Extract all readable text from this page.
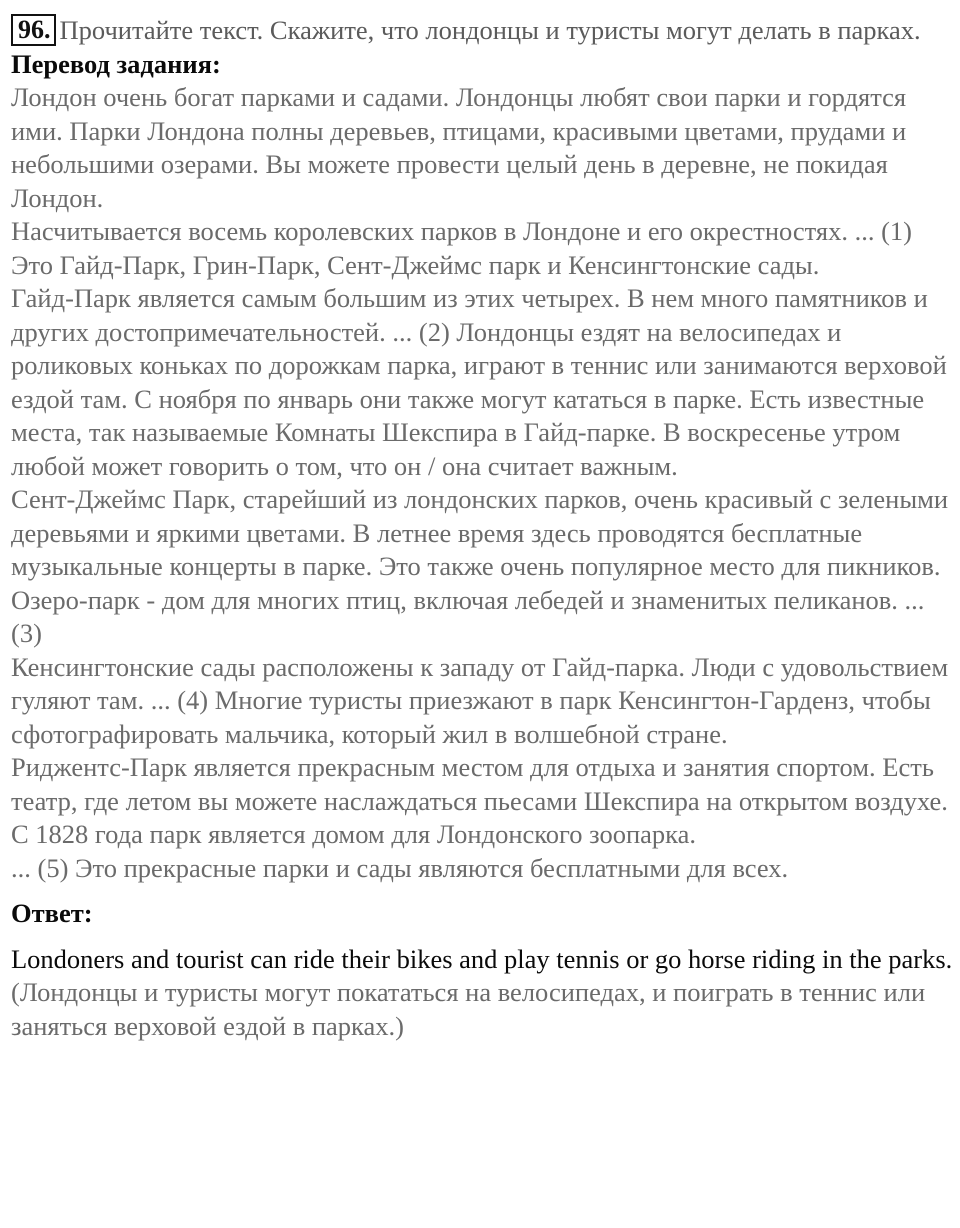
96. Прочитайте текст. Скажите, что лондонцы и туристы могут делать в парках.
Перевод задания:

Лондон очень богат парками и садами. Лондонцы любят свои парки и гордятся ими. Парки Лондона полны деревьев, птицами, красивыми цветами, прудами и небольшими озерами. Вы можете провести целый день в деревне, не покидая Лондон.

Насчитывается восемь королевских парков в Лондоне и его окрестностях. ... (1) Это Гайд-Парк, Грин-Парк, Сент-Джеймс парк и Кенсингтонские сады.

Гайд-Парк является самым большим из этих четырех. В нем много памятников и других достопримечательностей. ... (2) Лондонцы ездят на велосипедах и роликовых коньках по дорожкам парка, играют в теннис или занимаются верховой ездой там. С ноября по январь они также могут кататься в парке. Есть известные места, так называемые Комнаты Шекспира в Гайд-парке. В воскресенье утром любой может говорить о том, что он / она считает важным.

Сент-Джеймс Парк, старейший из лондонских парков, очень красивый с зелеными деревьями и яркими цветами. В летнее время здесь проводятся бесплатные музыкальные концерты в парке. Это также очень популярное место для пикников. Озеро-парк - дом для многих птиц, включая лебедей и знаменитых пеликанов. ... (3)

Кенсингтонские сады расположены к западу от Гайд-парка. Люди с удовольствием гуляют там. ... (4) Многие туристы приезжают в парк Кенсингтон-Гарденз, чтобы сфотографировать мальчика, который жил в волшебной стране.

Риджентс-Парк является прекрасным местом для отдыха и занятия спортом. Есть театр, где летом вы можете наслаждаться пьесами Шекспира на открытом воздухе. С 1828 года парк является домом для Лондонского зоопарка.

... (5) Это прекрасные парки и сады являются бесплатными для всех.

Ответ:
Londoners and tourist can ride their bikes and play tennis or go horse riding in the parks. (Лондонцы и туристы могут покататься на велосипедах, и поиграть в теннис или заняться верховой ездой в парках.)
